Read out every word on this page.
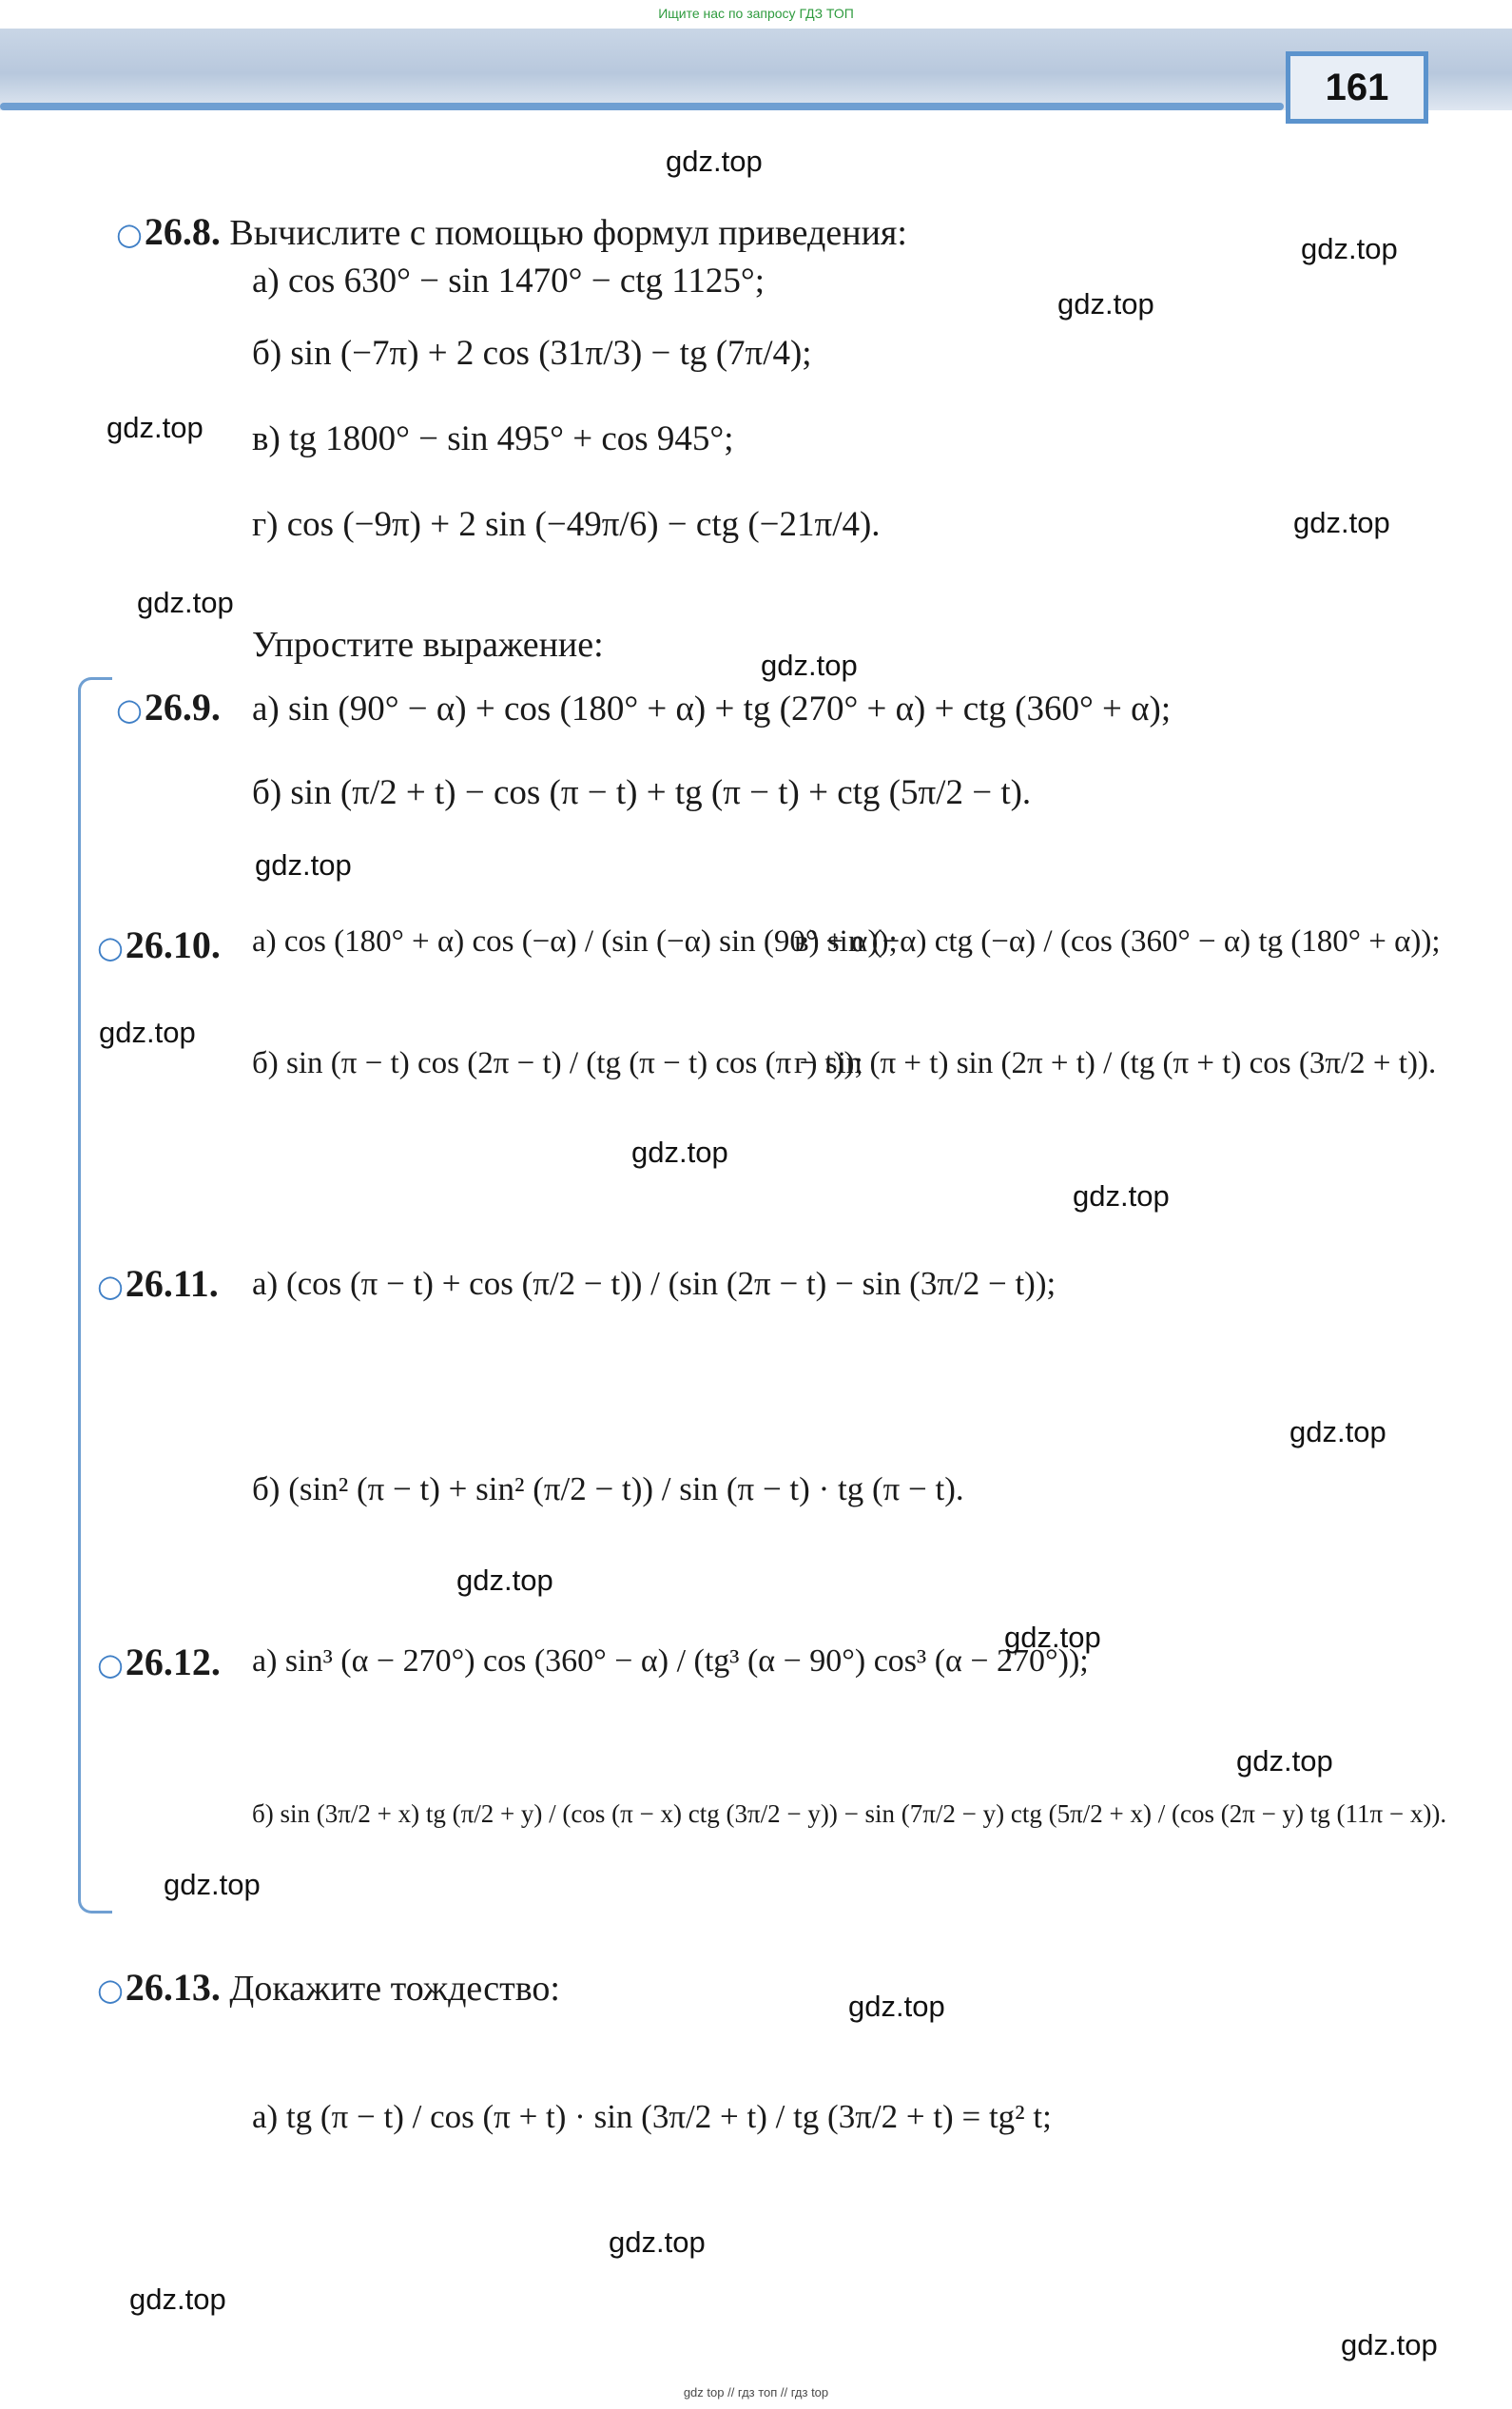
Ищите нас по запросу ГДЗ ТОП
161
○26.8. Вычислите с помощью формул приведения:
а) cos 630° − sin 1470° − ctg 1125°;
б) sin (−7π) + 2 cos (31π/3) − tg (7π/4);
в) tg 1800° − sin 495° + cos 945°;
г) cos (−9π) + 2 sin (−49π/6) − ctg (−21π/4).
Упростите выражение:
○26.9. а) sin (90° − α) + cos (180° + α) + tg (270° + α) + ctg (360° + α);
б) sin (π/2 + t) − cos (π − t) + tg (π − t) + ctg (5π/2 − t).
○26.10. а) cos (180° + α) cos (−α) / (sin (−α) sin (90° + α));
в) sin (−α) ctg (−α) / (cos (360° − α) tg (180° + α));
б) sin (π − t) cos (2π − t) / (tg (π − t) cos (π − t));
г) sin (π + t) sin (2π + t) / (tg (π + t) cos (3π/2 + t)).
○26.11. а) (cos (π − t) + cos (π/2 − t)) / (sin (2π − t) − sin (3π/2 − t));
б) (sin² (π − t) + sin² (π/2 − t)) / sin (π − t) · tg (π − t).
○26.12. а) sin³ (α − 270°) cos (360° − α) / (tg³ (α − 90°) cos³ (α − 270°));
б) sin (3π/2 + x) tg (π/2 + y) / (cos (π − x) ctg (3π/2 − y)) − sin (7π/2 − y) ctg (5π/2 + x) / (cos (2π − y) tg (11π − x)).
○26.13. Докажите тождество:
а) tg (π − t) / cos (π + t) · sin (3π/2 + t) / tg (3π/2 + t) = tg² t;
gdz.top
gdz.top
gdz.top
gdz.top
gdz.top
gdz.top
gdz.top
gdz.top
gdz.top
gdz.top
gdz.top
gdz.top
gdz.top
gdz.top
gdz.top
gdz.top
gdz.top
gdz.top
gdz.top
gdz.top
gdz top // гдз топ // гдз top
